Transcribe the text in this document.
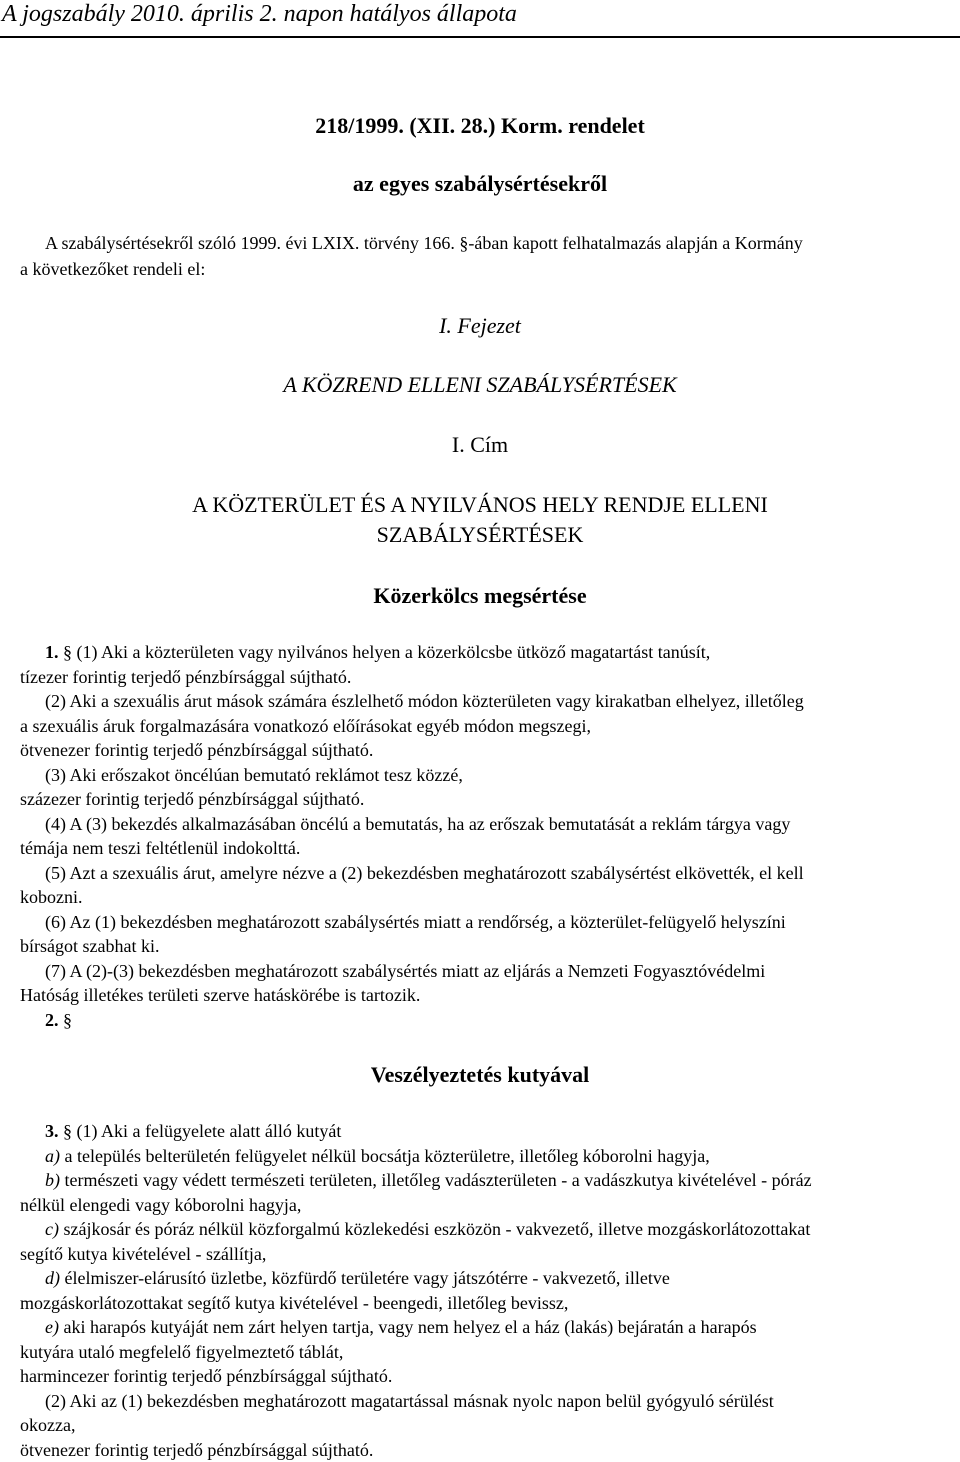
A jogszabály 2010. április 2. napon hatályos állapota
218/1999. (XII. 28.) Korm. rendelet
az egyes szabálysértésekről
A szabálysértésekről szóló 1999. évi LXIX. törvény 166. §-ában kapott felhatalmazás alapján a Kormány
a következőket rendeli el:
I. Fejezet
A KÖZREND ELLENI SZABÁLYSÉRTÉSEK
I. Cím
A KÖZTERÜLET ÉS A NYILVÁNOS HELY RENDJE ELLENI
SZABÁLYSÉRTÉSEK
Közerkölcs megsértése
1. § (1) Aki a közterületen vagy nyilvános helyen a közerkölcsbe ütköző magatartást tanúsít,
tízezer forintig terjedő pénzbírsággal sújtható.
(2) Aki a szexuális árut mások számára észlelhető módon közterületen vagy kirakatban elhelyez, illetőleg
a szexuális áruk forgalmazására vonatkozó előírásokat egyéb módon megszegi,
ötvenezer forintig terjedő pénzbírsággal sújtható.
(3) Aki erőszakot öncélúan bemutató reklámot tesz közzé,
százezer forintig terjedő pénzbírsággal sújtható.
(4) A (3) bekezdés alkalmazásában öncélú a bemutatás, ha az erőszak bemutatását a reklám tárgya vagy
témája nem teszi feltétlenül indokolttá.
(5) Azt a szexuális árut, amelyre nézve a (2) bekezdésben meghatározott szabálysértést elkövették, el kell
kobozni.
(6) Az (1) bekezdésben meghatározott szabálysértés miatt a rendőrség, a közterület-felügyelő helyszíni
bírságot szabhat ki.
(7) A (2)-(3) bekezdésben meghatározott szabálysértés miatt az eljárás a Nemzeti Fogyasztóvédelmi
Hatóság illetékes területi szerve hatáskörébe is tartozik.
2. §
Veszélyeztetés kutyával
3. § (1) Aki a felügyelete alatt álló kutyát
a) a település belterületén felügyelet nélkül bocsátja közterületre, illetőleg kóborolni hagyja,
b) természeti vagy védett természeti területen, illetőleg vadászterületen - a vadászkutya kivételével - póráz
nélkül elengedi vagy kóborolni hagyja,
c) szájkosár és póráz nélkül közforgalmú közlekedési eszközön - vakvezető, illetve mozgáskorlátozottakat
segítő kutya kivételével - szállítja,
d) élelmiszer-elárusító üzletbe, közfürdő területére vagy játszótérre - vakvezető, illetve
mozgáskorlátozottakat segítő kutya kivételével - beengedi, illetőleg bevissz,
e) aki harapós kutyáját nem zárt helyen tartja, vagy nem helyez el a ház (lakás) bejáratán a harapós
kutyára utaló megfelelő figyelmeztető táblát,
harmincezer forintig terjedő pénzbírsággal sújtható.
(2) Aki az (1) bekezdésben meghatározott magatartással másnak nyolc napon belül gyógyuló sérülést
okozza,
ötvenezer forintig terjedő pénzbírsággal sújtható.
